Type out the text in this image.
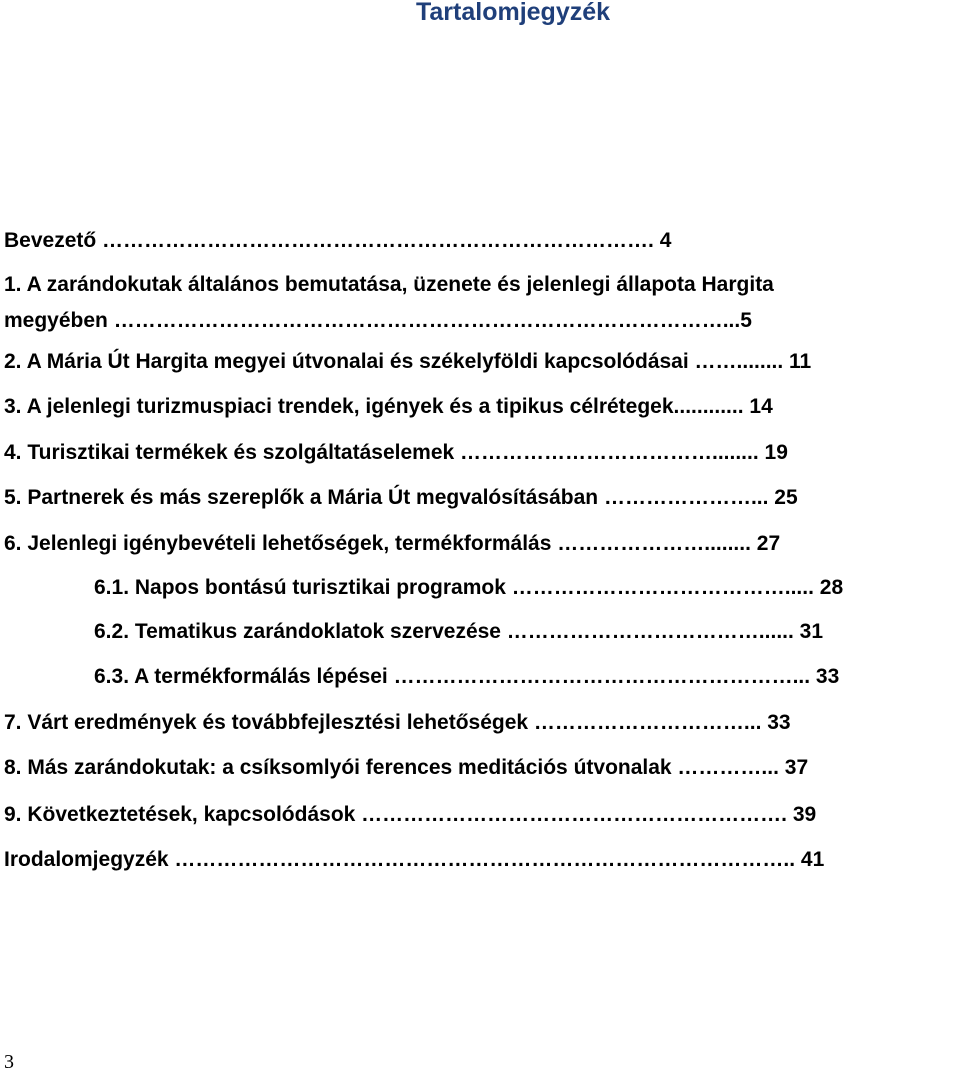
Tartalomjegyzék
Bevezető ……………………………………………………………………. 4
1. A zarándokutak általános bemutatása, üzenete és jelenlegi állapota Hargita
megyében ……………………………………………………………………………...5
2. A Mária Út Hargita megyei útvonalai és székelyföldi kapcsolódásai ……........ 11
3. A jelenlegi turizmuspiaci trendek, igények és a tipikus célrétegek............ 14
4. Turisztikai termékek és szolgáltatáselemek ………………………………........ 19
5. Partnerek és más szereplők a Mária Út megvalósításában …………………... 25
6. Jelenlegi igénybevételi lehetőségek, termékformálás …………………........ 27
6.1. Napos bontású turisztikai programok …………………………………..... 28
6.2. Tematikus zarándoklatok szervezése ………………………………...... 31
6.3. A termékformálás lépései …………………………………………………... 33
7. Várt eredmények és továbbfejlesztési lehetőségek …………………………... 33
8. Más zarándokutak: a csíksomlyói ferences meditációs útvonalak …………... 37
9. Következtetések, kapcsolódások ……………………………………………………. 39
Irodalomjegyzék …………………………………………………………………………….. 41
3
